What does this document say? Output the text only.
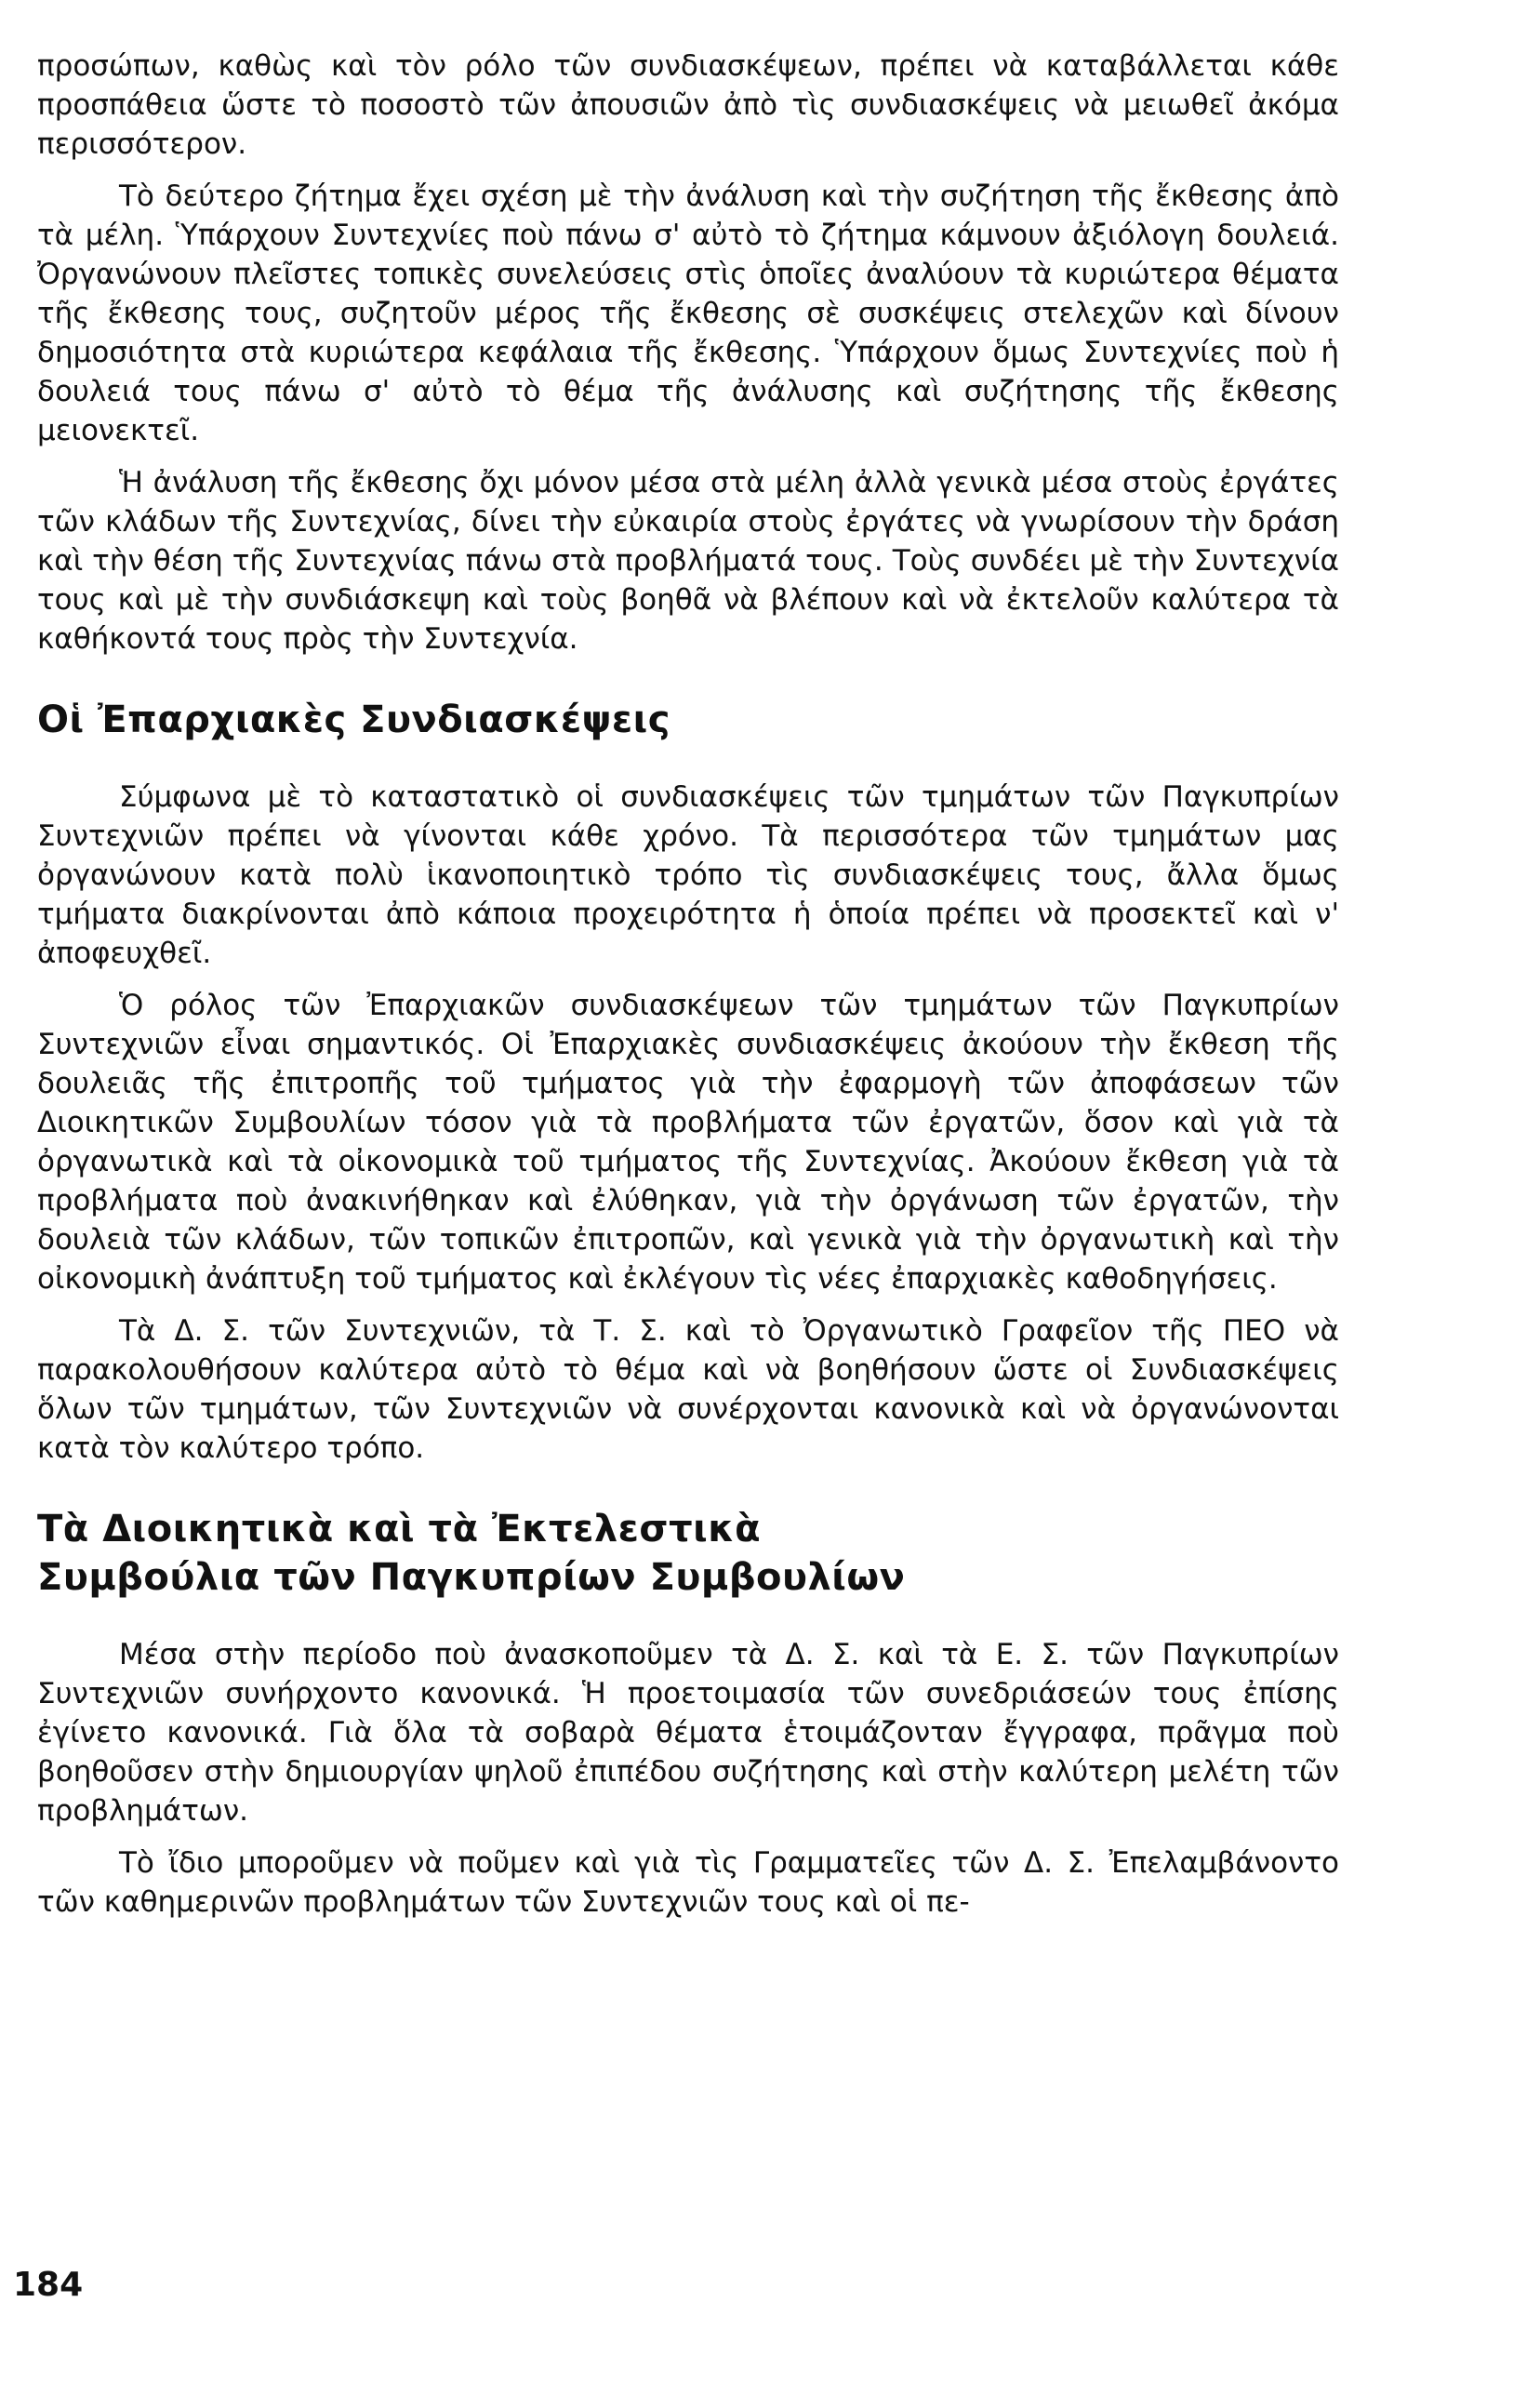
προσώπων, καθὼς καὶ τὸν ρόλο τῶν συνδιασκέψεων, πρέπει νὰ καταβάλλεται κάθε προσπάθεια ὥστε τὸ ποσοστὸ τῶν ἀπουσιῶν ἀπὸ τὶς συνδιασκέψεις νὰ μειωθεῖ ἀκόμα περισσότερον.

Τὸ δεύτερο ζήτημα ἔχει σχέση μὲ τὴν ἀνάλυση καὶ τὴν συζήτηση τῆς ἔκθεσης ἀπὸ τὰ μέλη. Ὑπάρχουν Συντεχνίες ποὺ πάνω σ' αὐτὸ τὸ ζήτημα κάμνουν ἀξιόλογη δουλειά. Ὀργανώνουν πλεῖστες τοπικὲς συνελεύσεις στὶς ὁποῖες ἀναλύουν τὰ κυριώτερα θέματα τῆς ἔκθεσης τους, συζητοῦν μέρος τῆς ἔκθεσης σὲ συσκέψεις στελεχῶν καὶ δίνουν δημοσιότητα στὰ κυριώτερα κεφάλαια τῆς ἔκθεσης. Ὑπάρχουν ὅμως Συντεχνίες ποὺ ἡ δουλειά τους πάνω σ' αὐτὸ τὸ θέμα τῆς ἀνάλυσης καὶ συζήτησης τῆς ἔκθεσης μειονεκτεῖ.

Ἡ ἀνάλυση τῆς ἔκθεσης ὄχι μόνον μέσα στὰ μέλη ἀλλὰ γενικὰ μέσα στοὺς ἐργάτες τῶν κλάδων τῆς Συντεχνίας, δίνει τὴν εὐκαιρία στοὺς ἐργάτες νὰ γνωρίσουν τὴν δράση καὶ τὴν θέση τῆς Συντεχνίας πάνω στὰ προβλήματά τους. Τοὺς συνδέει μὲ τὴν Συντεχνία τους καὶ μὲ τὴν συνδιάσκεψη καὶ τοὺς βοηθᾶ νὰ βλέπουν καὶ νὰ ἐκτελοῦν καλύτερα τὰ καθήκοντά τους πρὸς τὴν Συντεχνία.

Οἱ Ἐπαρχιακὲς Συνδιασκέψεις

Σύμφωνα μὲ τὸ καταστατικὸ οἱ συνδιασκέψεις τῶν τμημάτων τῶν Παγκυπρίων Συντεχνιῶν πρέπει νὰ γίνονται κάθε χρόνο. Τὰ περισσότερα τῶν τμημάτων μας ὀργανώνουν κατὰ πολὺ ἱκανοποιητικὸ τρόπο τὶς συνδιασκέψεις τους, ἄλλα ὅμως τμήματα διακρίνονται ἀπὸ κάποια προχειρότητα ἡ ὁποία πρέπει νὰ προσεκτεῖ καὶ ν' ἀποφευχθεῖ.

Ὁ ρόλος τῶν Ἐπαρχιακῶν συνδιασκέψεων τῶν τμημάτων τῶν Παγκυπρίων Συντεχνιῶν εἶναι σημαντικός. Οἱ Ἐπαρχιακὲς συνδιασκέψεις ἀκούουν τὴν ἔκθεση τῆς δουλειᾶς τῆς ἐπιτροπῆς τοῦ τμήματος γιὰ τὴν ἐφαρμογὴ τῶν ἀποφάσεων τῶν Διοικητικῶν Συμβουλίων τόσον γιὰ τὰ προβλήματα τῶν ἐργατῶν, ὅσον καὶ γιὰ τὰ ὀργανωτικὰ καὶ τὰ οἰκονομικὰ τοῦ τμήματος τῆς Συντεχνίας. Ἀκούουν ἔκθεση γιὰ τὰ προβλήματα ποὺ ἀνακινήθηκαν καὶ ἐλύθηκαν, γιὰ τὴν ὀργάνωση τῶν ἐργατῶν, τὴν δουλειὰ τῶν κλάδων, τῶν τοπικῶν ἐπιτροπῶν, καὶ γενικὰ γιὰ τὴν ὀργανωτικὴ καὶ τὴν οἰκονομικὴ ἀνάπτυξη τοῦ τμήματος καὶ ἐκλέγουν τὶς νέες ἐπαρχιακὲς καθοδηγήσεις.

Τὰ Δ. Σ. τῶν Συντεχνιῶν, τὰ Τ. Σ. καὶ τὸ Ὀργανωτικὸ Γραφεῖον τῆς ΠΕΟ νὰ παρακολουθήσουν καλύτερα αὐτὸ τὸ θέμα καὶ νὰ βοηθήσουν ὥστε οἱ Συνδιασκέψεις ὅλων τῶν τμημάτων, τῶν Συντεχνιῶν νὰ συνέρχονται κανονικὰ καὶ νὰ ὀργανώνονται κατὰ τὸν καλύτερο τρόπο.

Τὰ Διοικητικὰ καὶ τὰ Ἐκτελεστικὰ
Συμβούλια τῶν Παγκυπρίων Συμβουλίων

Μέσα στὴν περίοδο ποὺ ἀνασκοποῦμεν τὰ Δ. Σ. καὶ τὰ Ε. Σ. τῶν Παγκυπρίων Συντεχνιῶν συνήρχοντο κανονικά. Ἡ προετοιμασία τῶν συνεδριάσεών τους ἐπίσης ἐγίνετο κανονικά. Γιὰ ὅλα τὰ σοβαρὰ θέματα ἑτοιμάζονταν ἔγγραφα, πρᾶγμα ποὺ βοηθοῦσεν στὴν δημιουργίαν ψηλοῦ ἐπιπέδου συζήτησης καὶ στὴν καλύτερη μελέτη τῶν προβλημάτων.

Τὸ ἴδιο μποροῦμεν νὰ ποῦμεν καὶ γιὰ τὶς Γραμματεῖες τῶν Δ. Σ. Ἐπελαμβάνοντο τῶν καθημερινῶν προβλημάτων τῶν Συντεχνιῶν τους καὶ οἱ πε-

184
